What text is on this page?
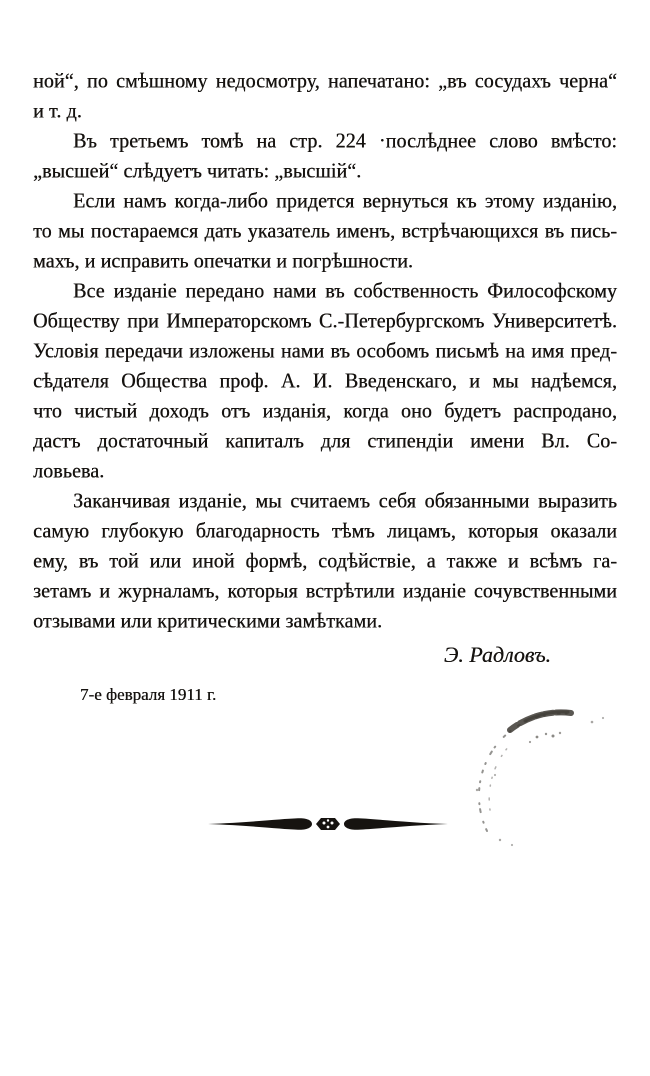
ной“, по смѣшному недосмотру, напечатано: „въ сосудахъ черна“
и т. д.
Въ третьемъ томѣ на стр. 224 ·послѣднее слово вмѣсто:
„высшей“ слѣдуетъ читать: „высшій“.
Если намъ когда-либо придется вернуться къ этому изданію,
то мы постараемся дать указатель именъ, встрѣчающихся въ пись-
махъ, и исправить опечатки и погрѣшности.
Все изданіе передано нами въ собственность Философскому
Обществу при Императорскомъ С.-Петербургскомъ Университетѣ.
Условія передачи изложены нами въ особомъ письмѣ на имя пред-
сѣдателя Общества проф. А. И. Введенскаго, и мы надѣемся,
что чистый доходъ отъ изданія, когда оно будетъ распродано,
дастъ достаточный капиталъ для стипендіи имени Вл. Со-
ловьева.
Заканчивая изданіе, мы считаемъ себя обязанными выразить
самую глубокую благодарность тѣмъ лицамъ, которыя оказали
ему, въ той или иной формѣ, содѣйствіе, а также и всѣмъ га-
зетамъ и журналамъ, которыя встрѣтили изданіе сочувственными
отзывами или критическими замѣтками.
Э. Радловъ.
7-е февраля 1911 г.
